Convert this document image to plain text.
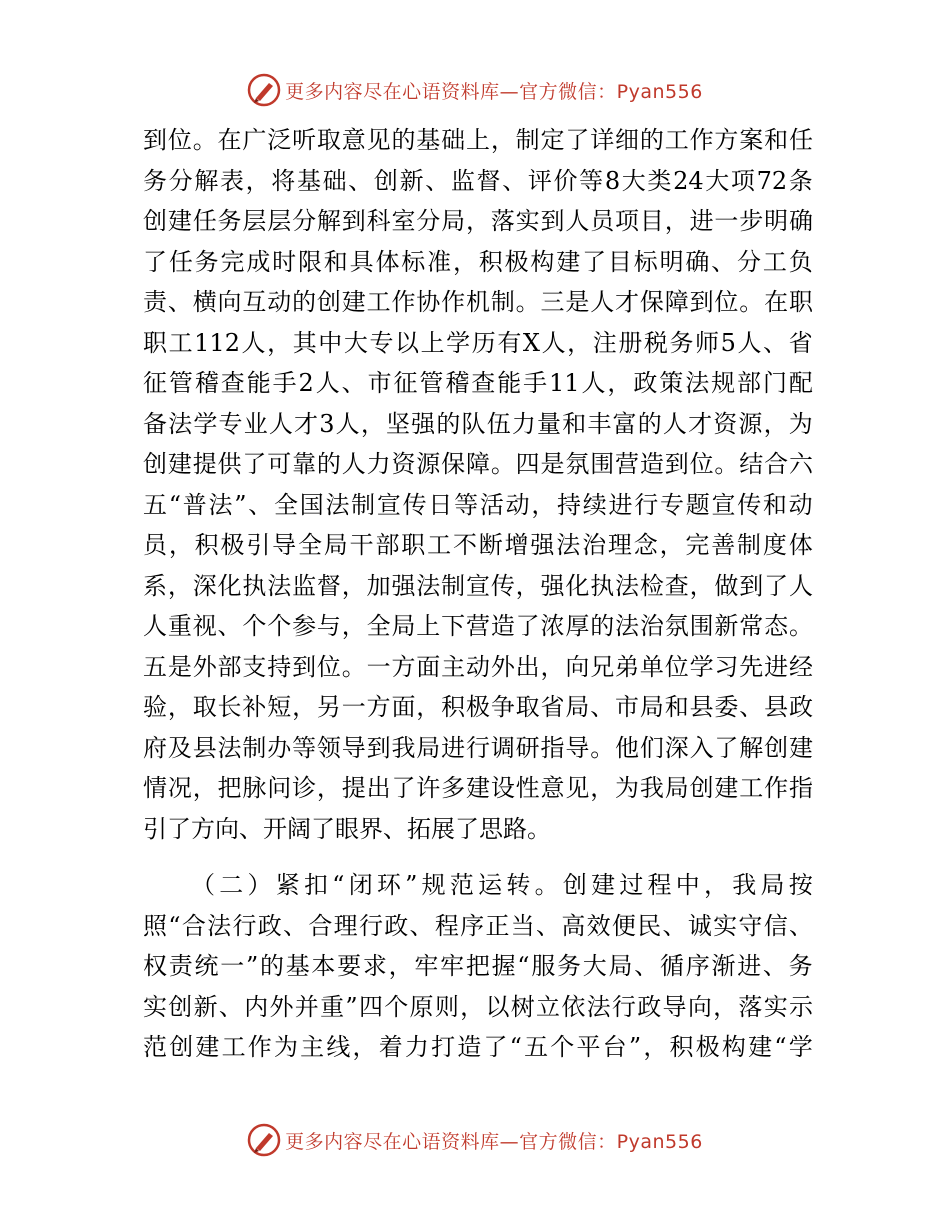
更多内容尽在心语资料库—官方微信：Pyan556
到 位 。 在 广 泛 听 取 意 见 的 基 础 上 ， 制 定 了 详 细 的 工 作 方 案 和 任
务 分 解 表 ， 将 基 础 、 创 新 、 监 督 、 评 价 等 8 大 类 24 大 项 72 条
创 建 任 务 层 层 分 解 到 科 室 分 局 ， 落 实 到 人 员 项 目 ， 进 一 步 明 确
了 任 务 完 成 时 限 和 具 体 标 准 ， 积 极 构 建 了 目 标 明 确 、 分 工 负
责 、 横 向 互 动 的 创 建 工 作 协 作 机 制 。 三 是 人 才 保 障 到 位 。 在 职
职 工 112 人 ， 其 中 大 专 以 上 学 历 有 X 人 ， 注 册 税 务 师 5 人 、 省
征 管 稽 查 能 手 2 人 、 市 征 管 稽 查 能 手 11 人 ， 政 策 法 规 部 门 配
备 法 学 专 业 人 才 3 人 ， 坚 强 的 队 伍 力 量 和 丰 富 的 人 才 资 源 ， 为
创 建 提 供 了 可 靠 的 人 力 资 源 保 障 。 四 是 氛 围 营 造 到 位 。 结 合 六
五 “ 普 法 ” 、 全 国 法 制 宣 传 日 等 活 动 ， 持 续 进 行 专 题 宣 传 和 动
员 ， 积 极 引 导 全 局 干 部 职 工 不 断 增 强 法 治 理 念 ， 完 善 制 度 体
系 ， 深 化 执 法 监 督 ， 加 强 法 制 宣 传 ， 强 化 执 法 检 查 ， 做 到 了 人
人 重 视 、 个 个 参 与 ， 全 局 上 下 营 造 了 浓 厚 的 法 治 氛 围 新 常 态 。
五 是 外 部 支 持 到 位 。 一 方 面 主 动 外 出 ， 向 兄 弟 单 位 学 习 先 进 经
验 ， 取 长 补 短 ， 另 一 方 面 ， 积 极 争 取 省 局 、 市 局 和 县 委 、 县 政
府 及 县 法 制 办 等 领 导 到 我 局 进 行 调 研 指 导 。 他 们 深 入 了 解 创 建
情 况 ， 把 脉 问 诊 ， 提 出 了 许 多 建 设 性 意 见 ， 为 我 局 创 建 工 作 指
引了方向、开阔了眼界、拓展了思路。
（ 二 ） 紧 扣 “ 闭 环 ” 规 范 运 转 。 创 建 过 程 中 ， 我 局 按
照 “ 合 法 行 政 、 合 理 行 政 、 程 序 正 当 、 高 效 便 民 、 诚 实 守 信 、
权 责 统 一 ” 的 基 本 要 求 ， 牢 牢 把 握 “ 服 务 大 局 、 循 序 渐 进 、 务
实 创 新 、 内 外 并 重 ” 四 个 原 则 ， 以 树 立 依 法 行 政 导 向 ， 落 实 示
范 创 建 工 作 为 主 线 ， 着 力 打 造 了 “ 五 个 平 台 ” ， 积 极 构 建 “ 学
更多内容尽在心语资料库—官方微信：Pyan556
